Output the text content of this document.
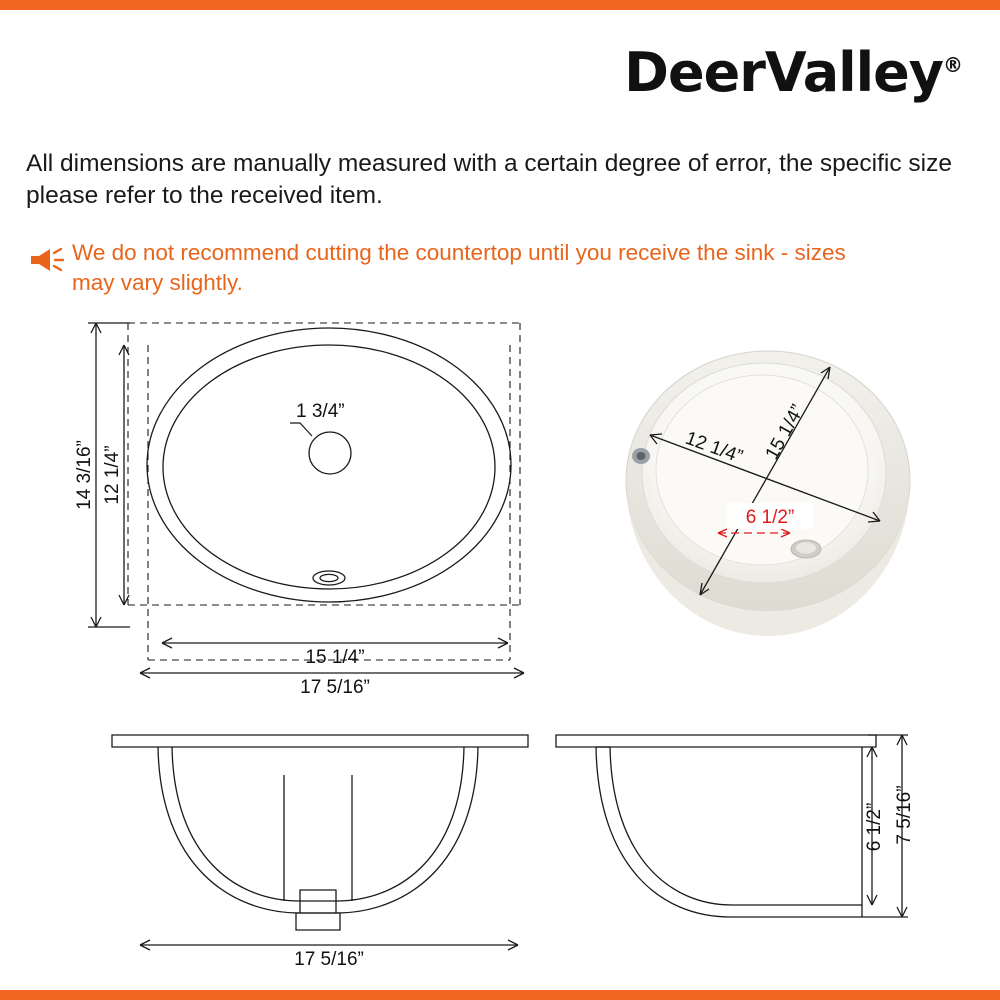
DeerValley®
All dimensions are manually measured with a certain degree of error, the specific size please refer to the received item.
We do not recommend cutting the countertop until you receive the sink - sizes may vary slightly.
1 3/4”
12 1/4”
14 3/16”
15 1/4”
17 5/16”
15 1/4”
12 1/4”
6 1/2”
17 5/16”
6 1/2” 7 5/16”
